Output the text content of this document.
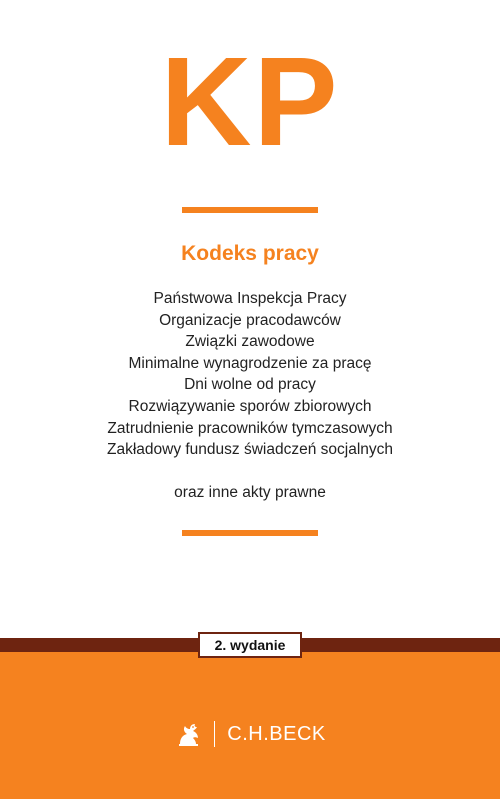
KP
Kodeks pracy
Państwowa Inspekcja Pracy
Organizacje pracodawców
Związki zawodowe
Minimalne wynagrodzenie za pracę
Dni wolne od pracy
Rozwiązywanie sporów zbiorowych
Zatrudnienie pracowników tymczasowych
Zakładowy fundusz świadczeń socjalnych
oraz inne akty prawne
2. wydanie
C.H.BECK
